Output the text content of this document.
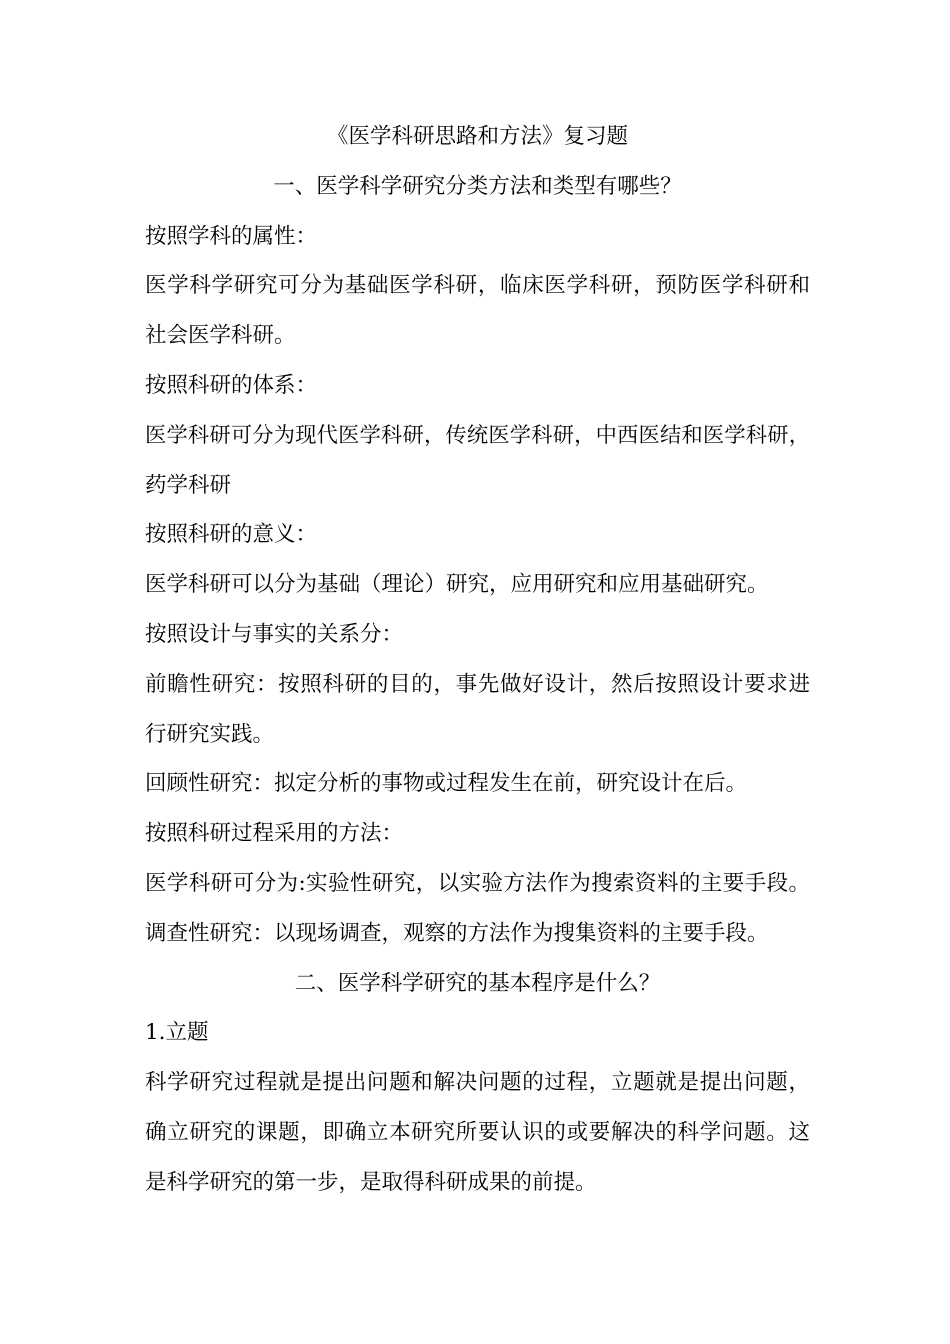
《医学科研思路和方法》复习题
一、医学科学研究分类方法和类型有哪些？
按照学科的属性：
医学科学研究可分为基础医学科研，临床医学科研，预防医学科研和
社会医学科研。
按照科研的体系：
医学科研可分为现代医学科研，传统医学科研，中西医结和医学科研，
药学科研
按照科研的意义：
医学科研可以分为基础（理论）研究，应用研究和应用基础研究。
按照设计与事实的关系分：
前瞻性研究：按照科研的目的，事先做好设计，然后按照设计要求进
行研究实践。
回顾性研究：拟定分析的事物或过程发生在前，研究设计在后。
按照科研过程采用的方法：
医学科研可分为:实验性研究，以实验方法作为搜索资料的主要手段。
调查性研究：以现场调查，观察的方法作为搜集资料的主要手段。
二、医学科学研究的基本程序是什么？
1.立题
科学研究过程就是提出问题和解决问题的过程，立题就是提出问题，
确立研究的课题，即确立本研究所要认识的或要解决的科学问题。这
是科学研究的第一步，是取得科研成果的前提。
